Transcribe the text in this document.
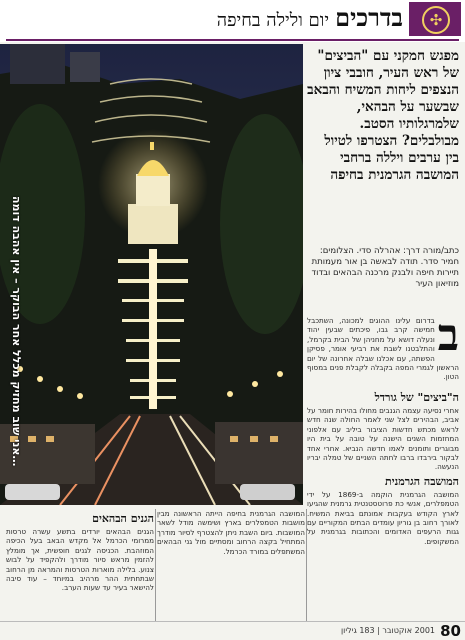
בדרכיםיום ולילה בחיפה	✣
…אני שוב מחזיק מכלל אחר הבוקר – אין אהבה דומה
מפגש חמקני עם "הביצים" של ראש העיר, חובבי ציון הנצפים ליחות המשיח והבאב שבשער על הבהאי, שלמרגלותיו הסטב. מבולבלים? הצטרפו לטיול בין ערבים ויללה ברחבי המושבה הגרמנית בחיפה
כתב/מורה דרך: אהרלה סדי. הצלומים: חמיר סדר. תודה לבאשה בן אור מעמותת תיירות חיפה ולבנק מרכנה הבהאים ובדוד מוזיאון העיר
ב
בדרום עלינו ההוגים למכונה, השתכבל חמישה קרב גבו, פיכתים שבעין יהוד ונעלה דושא על מחניהן של הבית בקרמל, והתלבטנו לשבת את רביעי אומר, פסיקן הפשתה, עם אכלנו שבלה אחרונה של יום הראשון לגמרי המפה בקבלה לקבלת פנים במסוף הטון.
ה"ביצים" של גורדל
אחרי נסיעה עצמה הגנבים מחולו בהירות חומר על אביב, הבהירים לצל שני לאמר החולה שנה חדש לראש מכתש חדשות הציבור ביליב עם אלפוני המחזמות השנים הישנה על טובה על בית היו מבוגרים ותומנים לאמו חדשה הנביא. אחרי אחד לבקור בירבדו ברבו לחתה השניים של טמלה יבריו הנעשה.
המושבה הגרמנית
המושבה הגרמנית הוקמה ב-1869 על ידי הטמפלרים, אנשי כת פרוטסטנטית גרמנית שהגיעו לארץ הקודש בעקבות אמונתם בביאת המשיח. לאורך רחוב בן גוריון עומדים הבתים המקוריים עם גגות הרעפים האדומים והכתובות בגרמנית על המשקופים.
המושבה הגרמנית בחיפה הייתה הראשונה מבין מושבות הטמפלרים בארץ ושימשה מודל לשאר המושבות. ביום השבת ניתן להצטרף לסיור מודרך המתחיל בקצה הרחוב ומסתיים מול גני הבהאים המשתפלים במורד הכרמל.
הגנים הבהאים
הגנים הבהאים יורדים בתשע עשרה טרסות ממרומי הכרמל אל מקדש הבאב בעל הכיפה המוזהבת. הכניסה לגנים חופשית, אך מומלץ להזמין מראש סיור מודרך ולהקפיד על לבוש צנוע. בלילה מוארות הטרסות והמראה מן הרחוב שבתחתית ההר מרהיב במיוחד – עוד סיבה להישאר בעיר עד שעות הערב.
80
2001 אוקטובר | 183 גיליון
